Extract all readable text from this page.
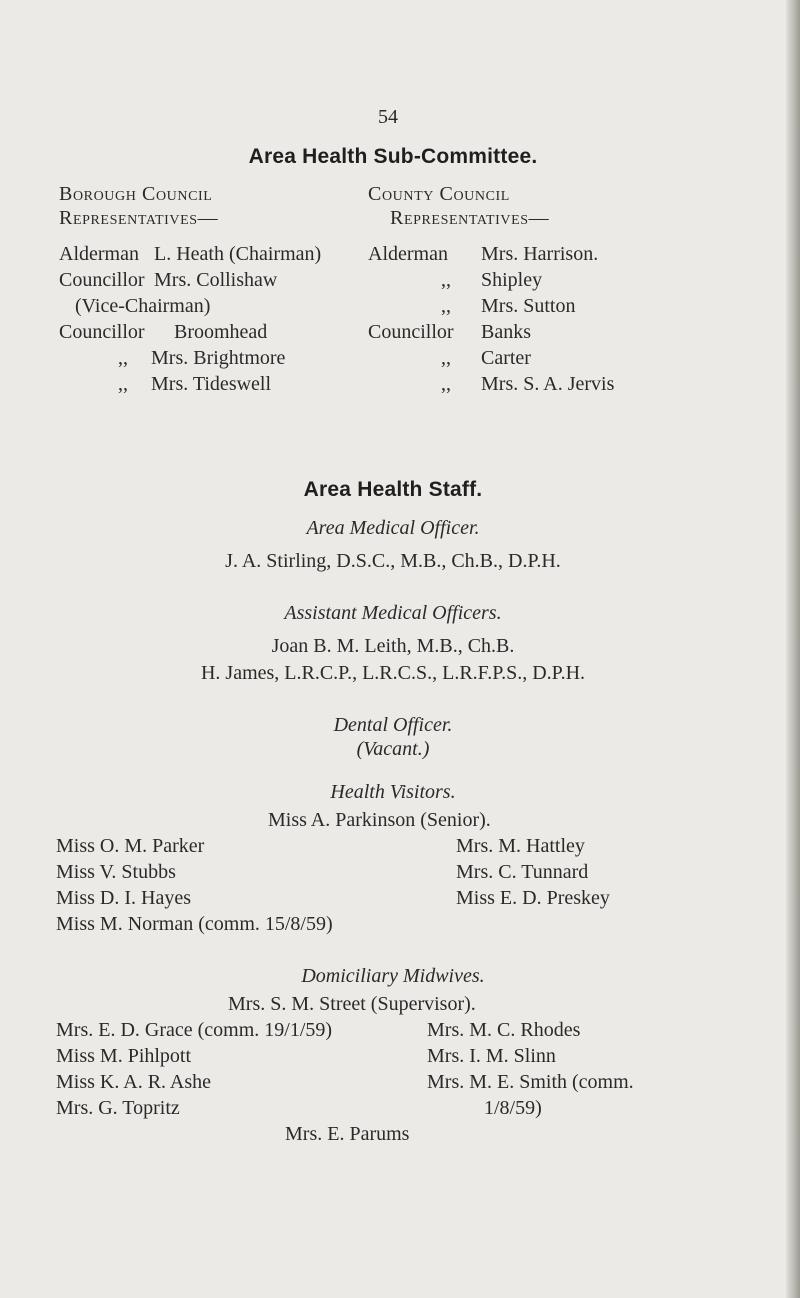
54
Area Health Sub-Committee.
Borough Council
Representatives—
County Council
Representatives—
Alderman L. Heath (Chairman)
Councillor Mrs. Collishaw
(Vice-Chairman)
Councillor Broomhead
,, Mrs. Brightmore
,, Mrs. Tideswell
Alderman Mrs. Harrison.
,, Shipley
,, Mrs. Sutton
Councillor Banks
,, Carter
,, Mrs. S. A. Jervis
Area Health Staff.
Area Medical Officer.
J. A. Stirling, D.S.C., M.B., Ch.B., D.P.H.
Assistant Medical Officers.
Joan B. M. Leith, M.B., Ch.B.
H. James, L.R.C.P., L.R.C.S., L.R.F.P.S., D.P.H.
Dental Officer.
(Vacant.)
Health Visitors.
Miss A. Parkinson (Senior).
Miss O. M. Parker
Miss V. Stubbs
Miss D. I. Hayes
Miss M. Norman (comm. 15/8/59)
Mrs. M. Hattley
Mrs. C. Tunnard
Miss E. D. Preskey
Domiciliary Midwives.
Mrs. S. M. Street (Supervisor).
Mrs. E. D. Grace (comm. 19/1/59)
Miss M. Pihlpott
Miss K. A. R. Ashe
Mrs. G. Topritz
Mrs. M. C. Rhodes
Mrs. I. M. Slinn
Mrs. M. E. Smith (comm.
1/8/59)
Mrs. E. Parums
